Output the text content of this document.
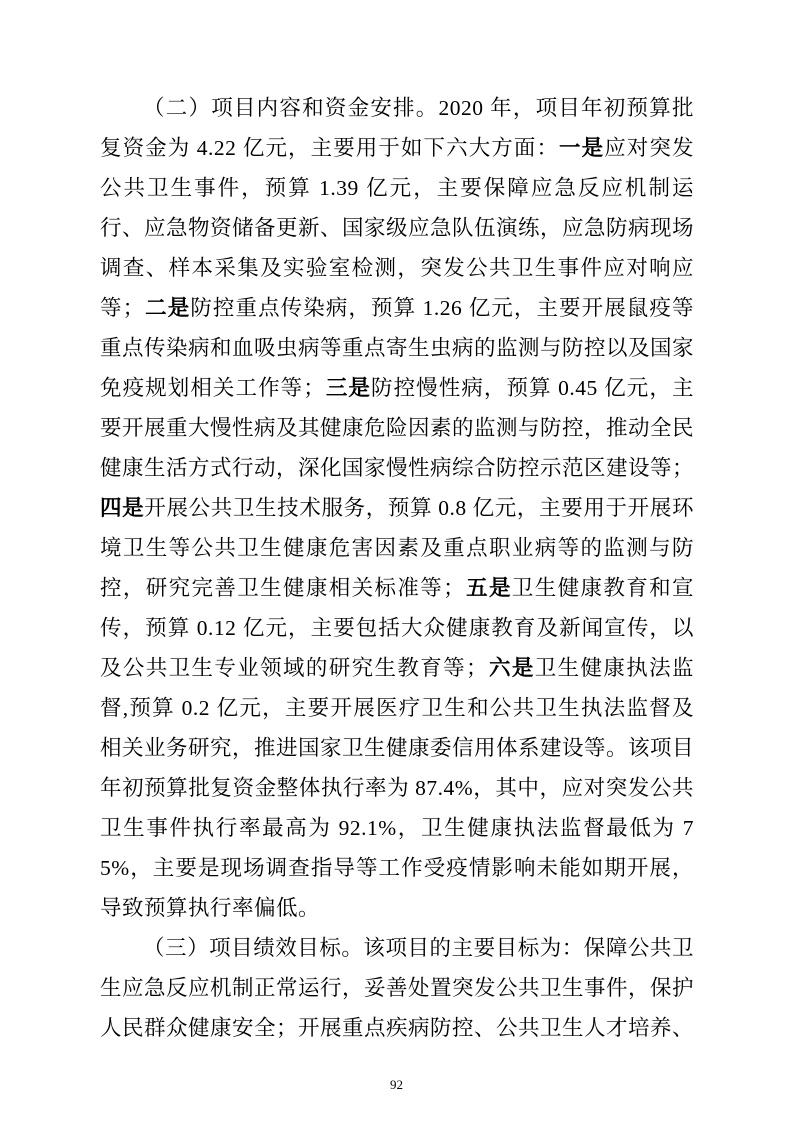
（二）项目内容和资金安排。2020 年，项目年初预算批复资金为 4.22 亿元，主要用于如下六大方面：一是应对突发公共卫生事件，预算 1.39 亿元，主要保障应急反应机制运行、应急物资储备更新、国家级应急队伍演练，应急防病现场调查、样本采集及实验室检测，突发公共卫生事件应对响应等；二是防控重点传染病，预算 1.26 亿元，主要开展鼠疫等重点传染病和血吸虫病等重点寄生虫病的监测与防控以及国家免疫规划相关工作等；三是防控慢性病，预算 0.45 亿元，主要开展重大慢性病及其健康危险因素的监测与防控，推动全民健康生活方式行动，深化国家慢性病综合防控示范区建设等；四是开展公共卫生技术服务，预算 0.8 亿元，主要用于开展环境卫生等公共卫生健康危害因素及重点职业病等的监测与防控，研究完善卫生健康相关标准等；五是卫生健康教育和宣传，预算 0.12 亿元，主要包括大众健康教育及新闻宣传，以及公共卫生专业领域的研究生教育等；六是卫生健康执法监督,预算 0.2 亿元，主要开展医疗卫生和公共卫生执法监督及相关业务研究，推进国家卫生健康委信用体系建设等。该项目年初预算批复资金整体执行率为 87.4%，其中，应对突发公共卫生事件执行率最高为 92.1%，卫生健康执法监督最低为 75%，主要是现场调查指导等工作受疫情影响未能如期开展，导致预算执行率偏低。

（三）项目绩效目标。该项目的主要目标为：保障公共卫生应急反应机制正常运行，妥善处置突发公共卫生事件，保护人民群众健康安全；开展重点疾病防控、公共卫生人才培养、

92
